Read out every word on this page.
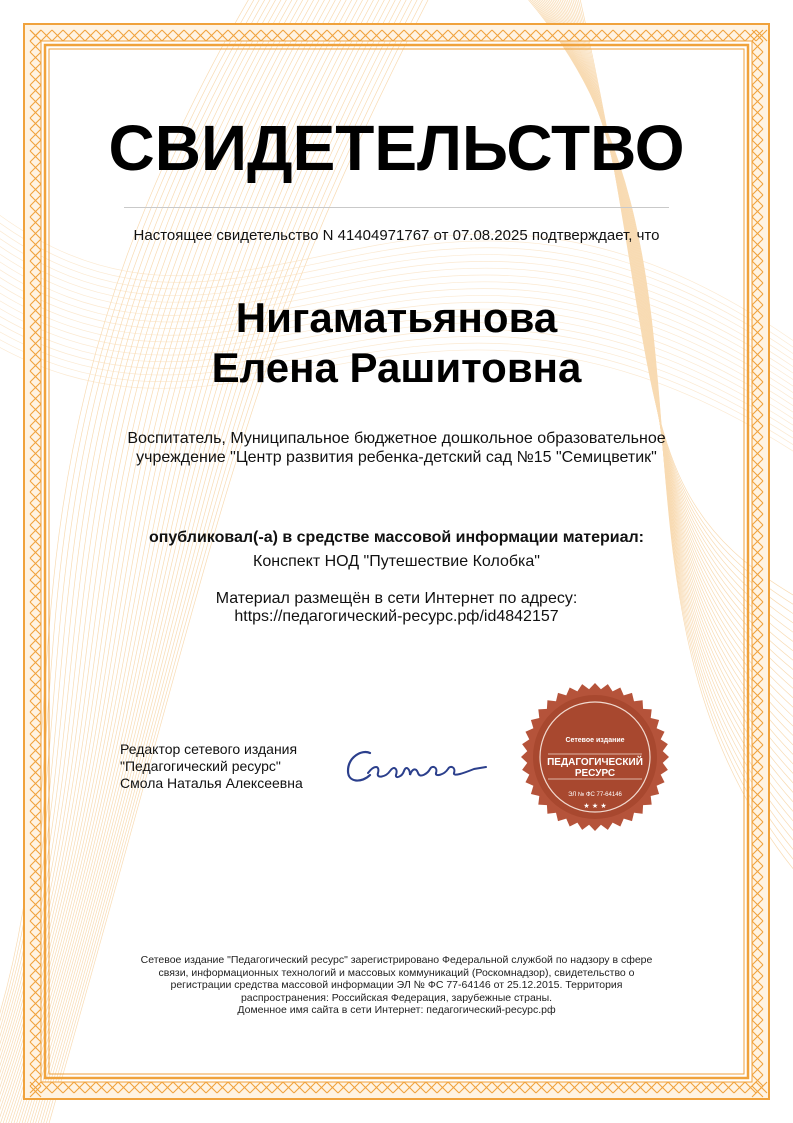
СВИДЕТЕЛЬСТВО
Настоящее свидетельство N 41404971767 от 07.08.2025 подтверждает, что
Нигаматьянова
Елена Рашитовна
Воспитатель, Муниципальное бюджетное дошкольное образовательное
учреждение "Центр развития ребенка-детский сад №15 "Семицветик"
опубликовал(-а) в средстве массовой информации материал:
Конспект НОД "Путешествие Колобка"
Материал размещён в сети Интернет по адресу:
https://педагогический-ресурс.рф/id4842157
Редактор сетевого издания
"Педагогический ресурс"
Смола Наталья Алексеевна
Сетевое издание
ПЕДАГОГИЧЕСКИЙ
РЕСУРС
ЭЛ № ФС 77-64146
★ ★ ★
Сетевое издание "Педагогический ресурс" зарегистрировано Федеральной службой по надзору в сфере
связи, информационных технологий и массовых коммуникаций (Роскомнадзор), свидетельство о
регистрации средства массовой информации ЭЛ № ФС 77-64146 от 25.12.2015. Территория
распространения: Российская Федерация, зарубежные страны.
Доменное имя сайта в сети Интернет: педагогический-ресурс.рф
